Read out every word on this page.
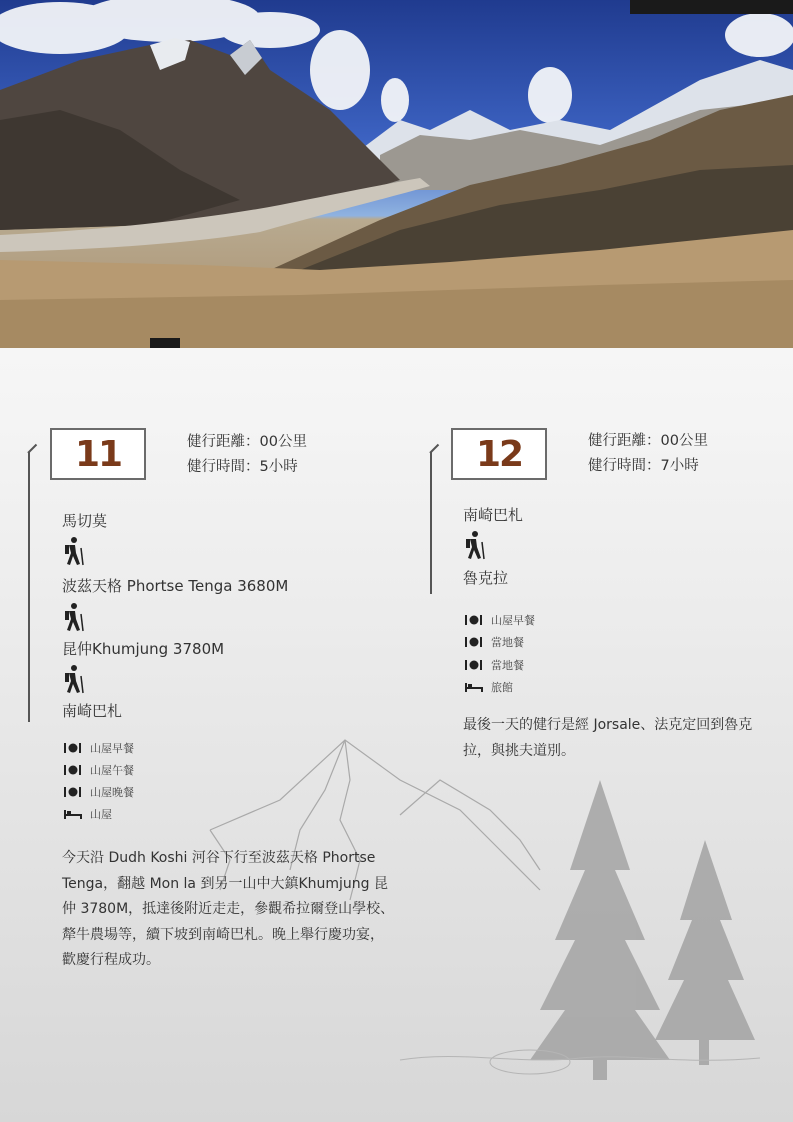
11	健行距離：00公里
健行時間：5小時
馬切莫
波茲天格 Phortse Tenga 3680M
昆仲Khumjung 3780M
南崎巴札
山屋早餐
山屋午餐
山屋晚餐
山屋
今天沿 Dudh Koshi 河谷下行至波茲天格 Phortse
Tenga，翻越 Mon la 到另一山中大鎮Khumjung 昆
仲 3780M，抵達後附近走走，參觀希拉爾登山學校、
犛牛農場等，續下坡到南崎巴札。晚上舉行慶功宴，
歡慶行程成功。
12	健行距離：00公里
健行時間：7小時
南崎巴札
魯克拉
山屋早餐
當地餐
當地餐
旅館
最後一天的健行是經 Jorsale、法克定回到魯克
拉，與挑夫道別。
